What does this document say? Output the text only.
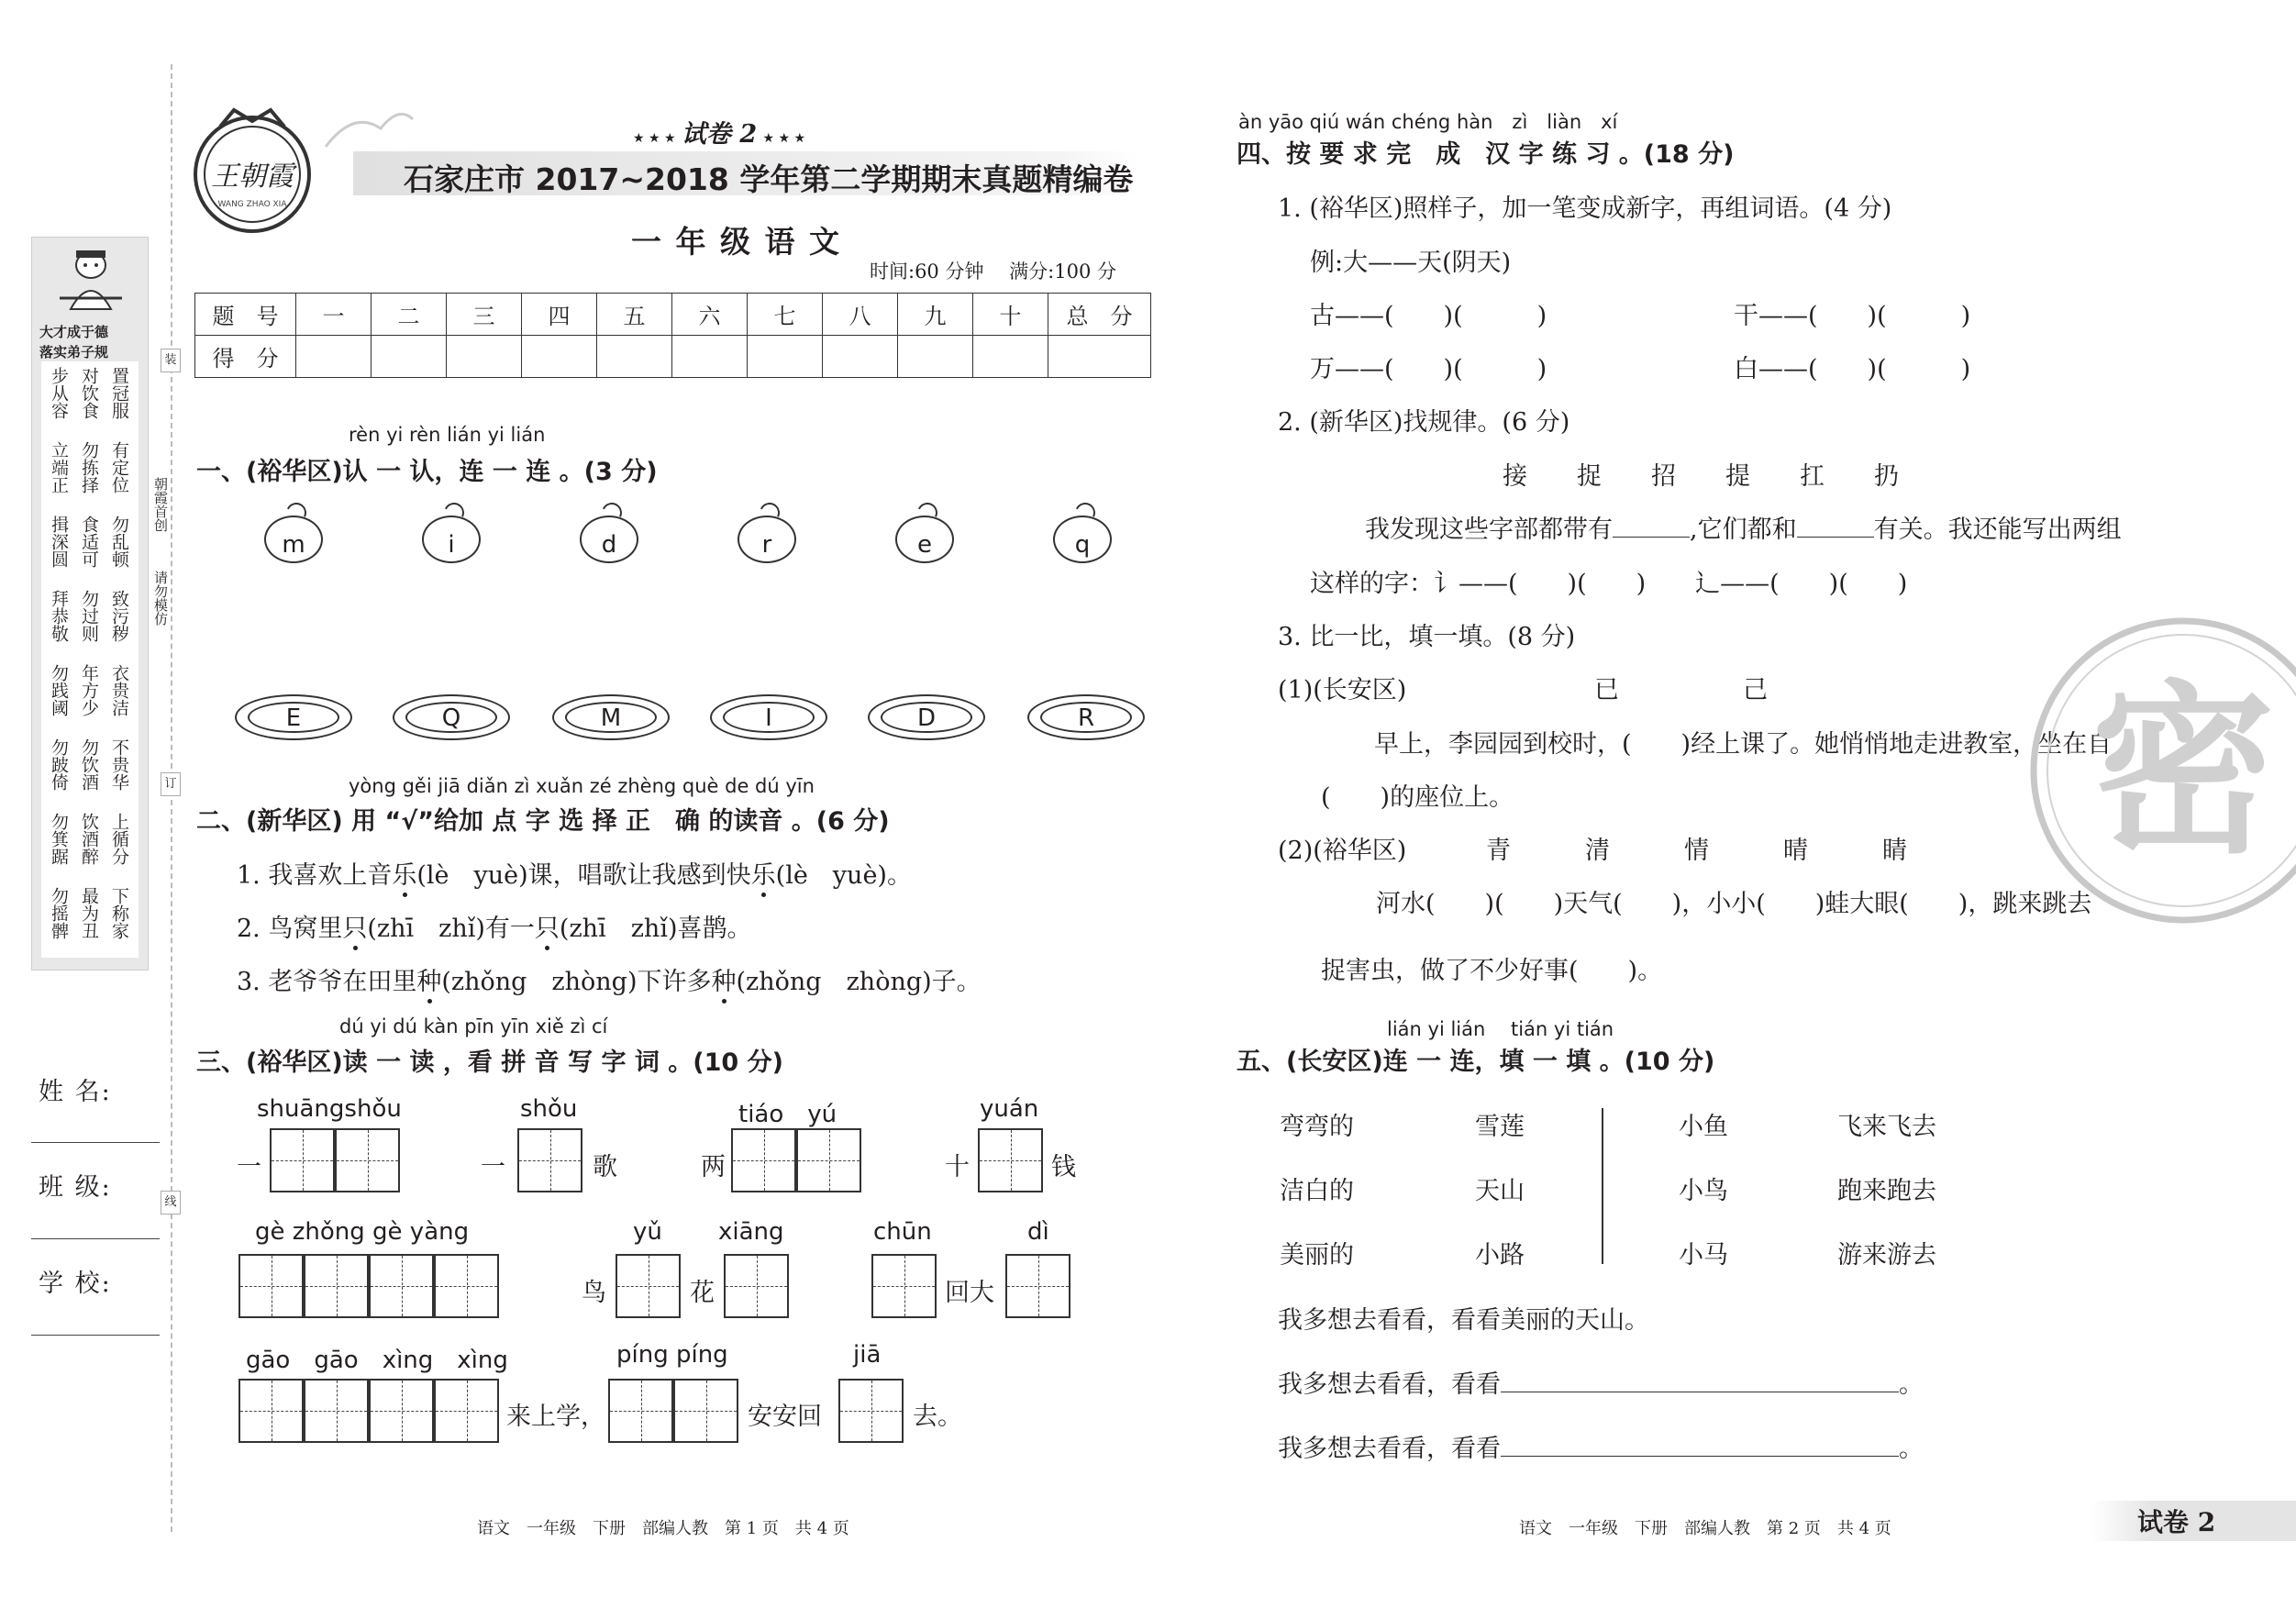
大才成于德
落实弟子规
步从容 对饮食 置冠服
立端正 勿拣择 有定位
揖深圆 食适可 勿乱顿
拜恭敬 勿过则 致污秽
勿践阈 年方少 衣贵洁
勿跛倚 勿饮酒 不贵华
勿箕踞 饮酒醉 上循分
勿摇髀 最为丑 下称家
朝霞首创
请勿模仿
装
订
线
姓 名:
班 级:
学 校:
王朝霞
WANG ZHAO XIA
★ ★ ★ 试卷 2 ★ ★ ★
石家庄市 2017~2018 学年第二学期期末真题精编卷
一 年 级 语 文
时间:60 分钟　 满分:100 分
题　号	一	二	三	四	五	六	七	八	九	十	总　分
得　分											
rèn yi rèn lián yi lián
一、(裕华区)认 一 认，连 一 连 。(3 分)
m	i	d	r	e	q
E	Q	M	I	D	R
yòng gěi jiā diǎn zì xuǎn zé zhèng què de dú yīn
二、(新华区) 用 “√”给加 点 字 选 择 正　确 的读音 。(6 分)
1. 我喜欢上音乐(lè　yuè)课，唱歌让我感到快乐(lè　yuè)。
2. 鸟窝里只(zhī　zhǐ)有一只(zhī　zhǐ)喜鹊。
3. 老爷爷在田里种(zhǒng　zhòng)下许多种(zhǒng　zhòng)子。
dú yi dú kàn pīn yīn xiě zì cí
三、(裕华区)读 一 读 ，看 拼 音 写 字 词 。(10 分)
shuāngshǒu	shǒu	tiáo　yú	yuán
一	一	歌	两	十	钱
gè zhǒng gè yàng	yǔ xiāng	chūn	dì
鸟	花	回大
gāo　gāo　xìng　xìng	píng píng	jiā
来上学，	安安回	去。
语文　一年级　下册　部编人教　第 1 页　共 4 页
àn yāo qiú wán chéng hàn　zì　liàn　xí
四、按 要 求 完　成　汉 字 练 习 。(18 分)
1. (裕华区)照样子，加一笔变成新字，再组词语。(4 分)
例:大——天(阴天)
古——(　　)(　　　)	干——(　　)(　　　)
万——(　　)(　　　)	白——(　　)(　　　)
2. (新华区)找规律。(6 分)
接　　捉　　招　　提　　扛　　扔
我发现这些字部都带有	,它们都和	有关。我还能写出两组
这样的字：讠——(　　)(　　)　　辶——(　　)(　　)
3. 比一比，填一填。(8 分)
(1)(长安区)	已　　　　　己
早上，李园园到校时，(　　)经上课了。她悄悄地走进教室，坐在自
(　　)的座位上。
(2)(裕华区)	青　　　清　　　情　　　晴　　　睛
河水(　　)(　　)天气(　　)，小小(　　)蛙大眼(　　)，跳来跳去
捉害虫，做了不少好事(　　)。
lián yi lián　 tián yi tián
五、(长安区)连 一 连，填 一 填 。(10 分)
弯弯的	雪莲	小鱼	飞来飞去
洁白的	天山	小鸟	跑来跑去
美丽的	小路	小马	游来游去
我多想去看看，看看美丽的天山。
我多想去看看，看看	。
我多想去看看，看看	。
语文　一年级　下册　部编人教　第 2 页　共 4 页	试卷 2
密
